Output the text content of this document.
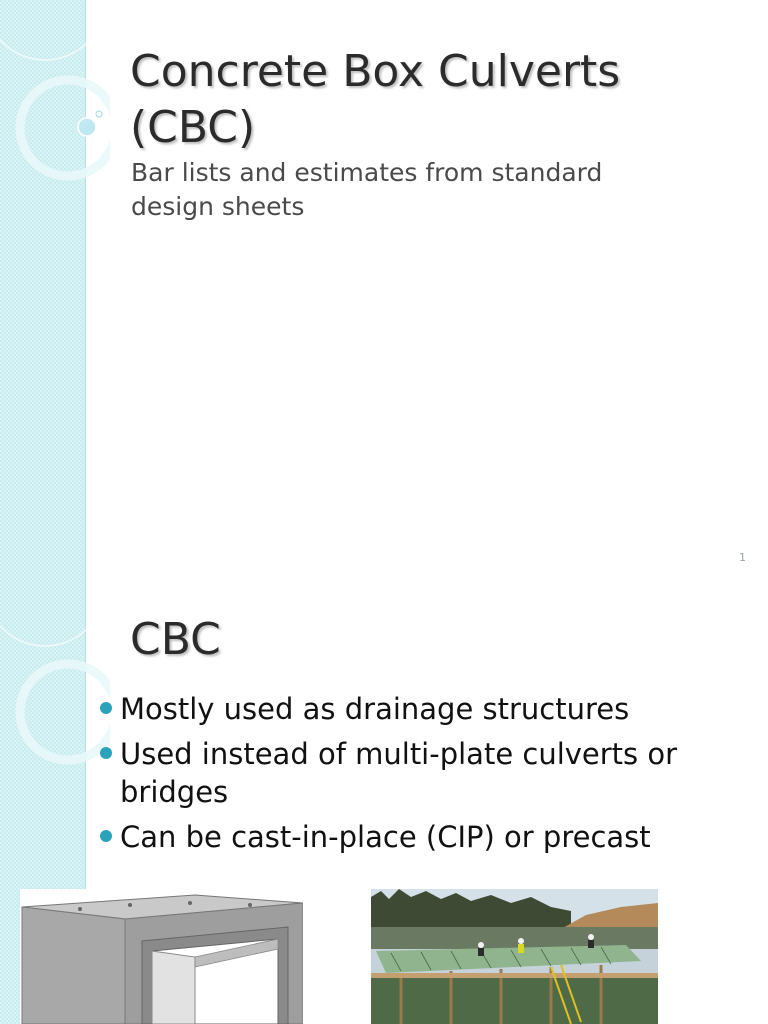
Concrete Box Culverts
(CBC)

Bar lists and estimates from standard
design sheets

1
CBC
Mostly used as drainage structures
Used instead of multi-plate culverts or bridges
Can be cast-in-place (CIP) or precast
